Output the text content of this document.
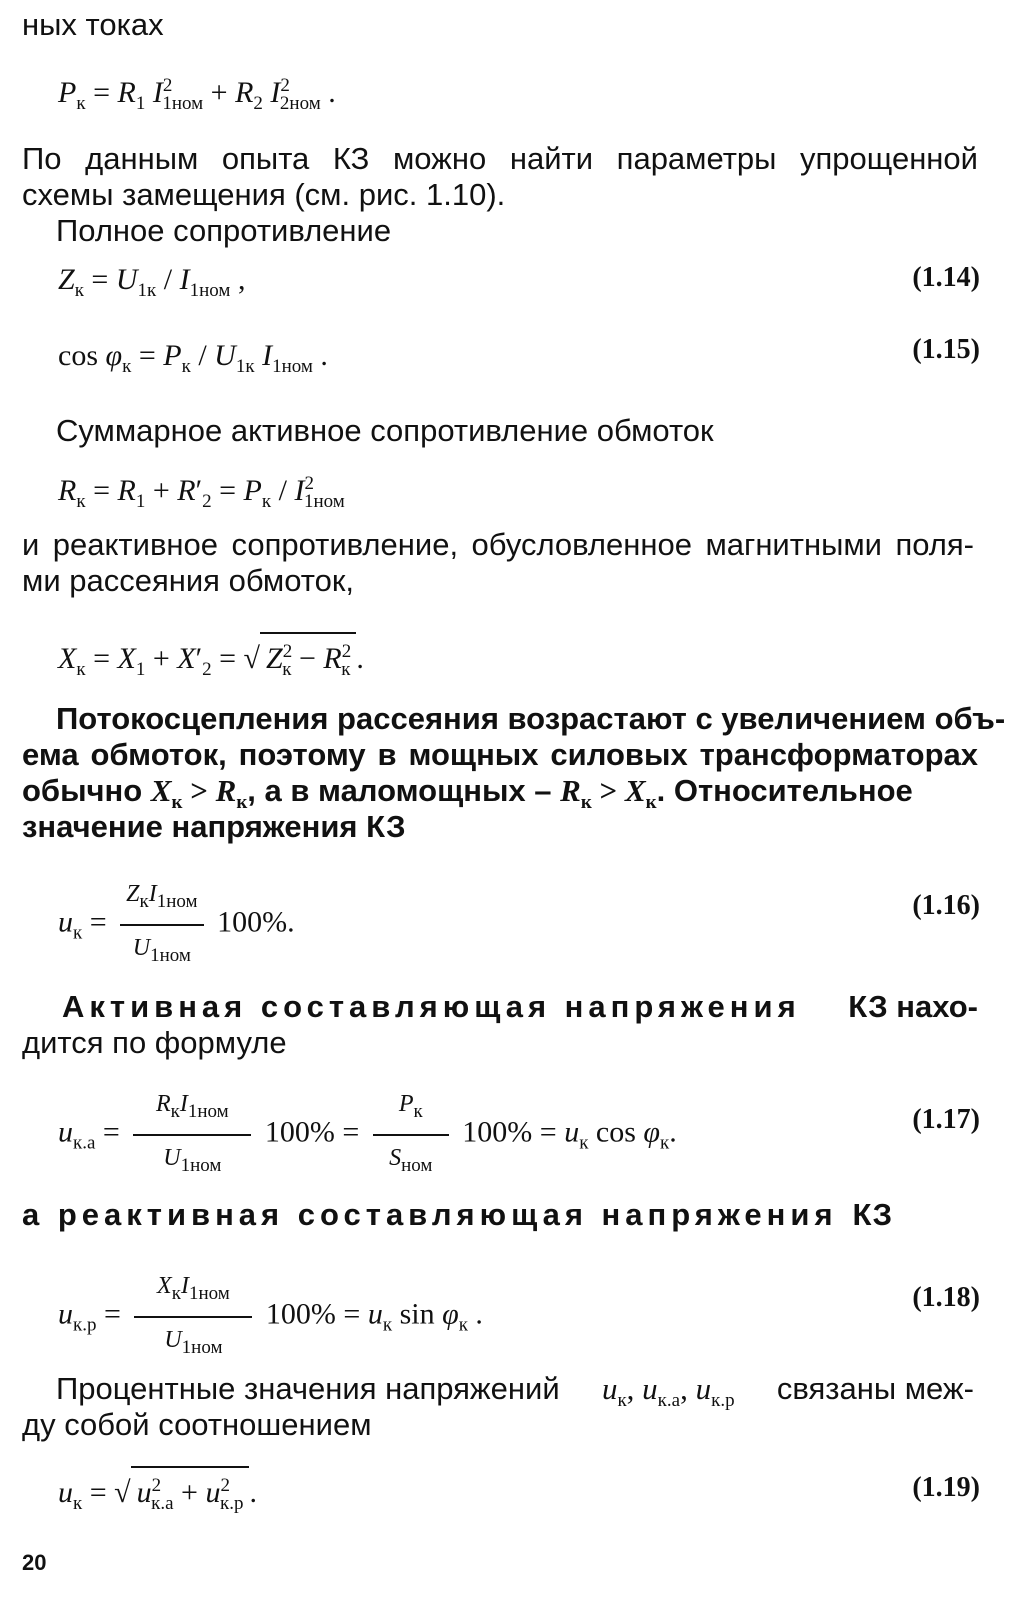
ных токах
$P_к = R_1$ $I^2_{1ном} + R_2$ $I^2_{2ном}$ .
По данным опыта КЗ можно найти параметры упрощенной
схемы замещения (см. рис. 1.10).
Полное сопротивление
$Z_к = U_{1к} / I_{1ном}$ ,	(1.14)
$\cos \varphi_к = P_к / U_{1к}$ $I_{1ном}$ .	(1.15)
Суммарное активное сопротивление обмоток
$R_к = R_1 + R'_2 = P_к / I^2_{1ном}$
и реактивное сопротивление, обусловленное магнитными поля-
ми рассеяния обмоток,
$X_к = X_1 + X'_2$ = √ $Z^2_к - R^2_к$ .
Потокосцепления рассеяния возрастают с увеличением объ-
ема обмоток, поэтому в мощных силовых трансформаторах
обычно $X_к > R_к$, а в маломощных – $R_к > X_к$. Относительное
значение напряжения КЗ
$u_к = \frac{Z_кI_{1ном}}{U_{1ном}} 100\%$.
(1.16)
Активная составляющая напряжения КЗ нахо-
дится по формуле
$u_{к.а} = \frac{R_кI_{1ном}}{U_{1ном}} 100\% = \frac{P_к}{S_{ном}} 100\% = u_к$ $\cos \varphi_к$.	(1.17)
а реактивная составляющая напряжения КЗ
$u_{к.р} = \frac{X_кI_{1ном}}{U_{1ном}} 100\% = u_к$ $\sin \varphi_к$ .
(1.18)
Процентные значения напряжений $u_к$, $u_{к.а}$, $u_{к.р}$ связаны меж-
ду собой соотношением
$u_к$ = √ $u^2_{к.а} + u^2_{к.р}$ .	(1.19)
20
